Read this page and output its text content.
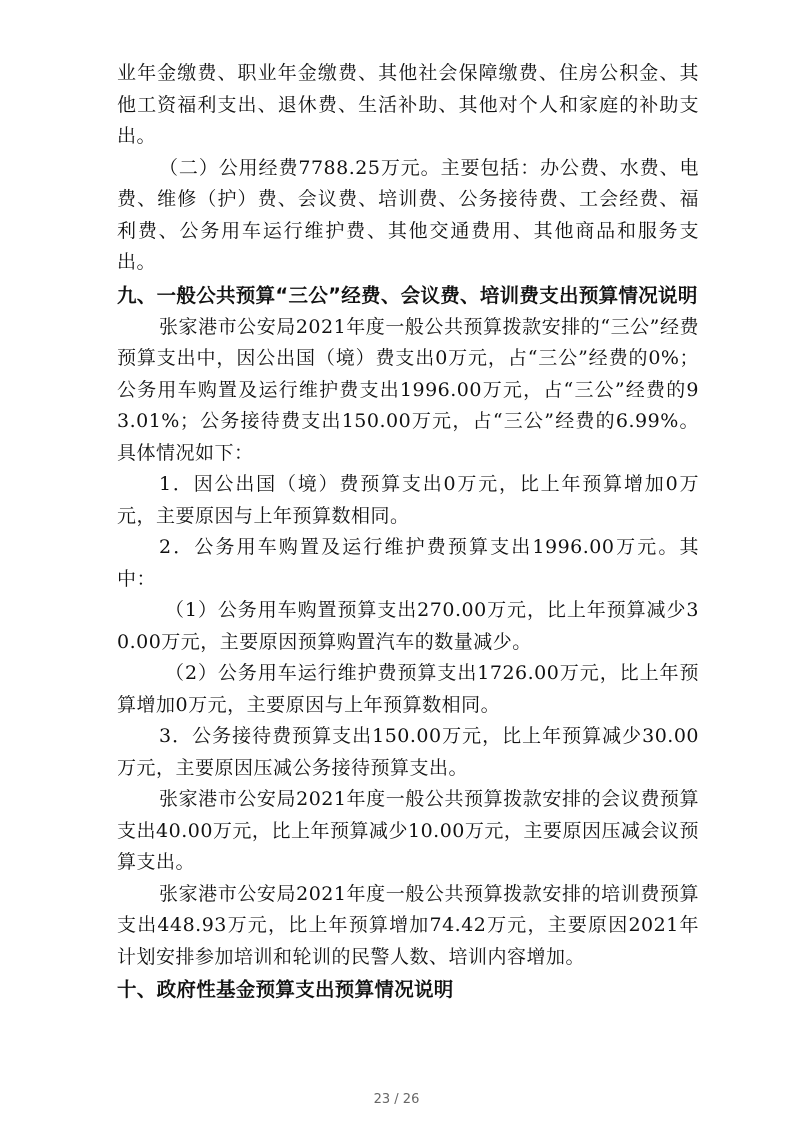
业年金缴费、职业年金缴费、其他社会保障缴费、住房公积金、其他工资福利支出、退休费、生活补助、其他对个人和家庭的补助支出。

（二）公用经费7788.25万元。主要包括：办公费、水费、电费、维修（护）费、会议费、培训费、公务接待费、工会经费、福利费、公务用车运行维护费、其他交通费用、其他商品和服务支出。

九、一般公共预算“三公”经费、会议费、培训费支出预算情况说明

张家港市公安局2021年度一般公共预算拨款安排的“三公”经费预算支出中，因公出国（境）费支出0万元，占“三公”经费的0%；公务用车购置及运行维护费支出1996.00万元，占“三公”经费的93.01%；公务接待费支出150.00万元，占“三公”经费的6.99%。具体情况如下：

1．因公出国（境）费预算支出0万元，比上年预算增加0万元，主要原因与上年预算数相同。

2．公务用车购置及运行维护费预算支出1996.00万元。其中：

（1）公务用车购置预算支出270.00万元，比上年预算减少30.00万元，主要原因预算购置汽车的数量减少。

（2）公务用车运行维护费预算支出1726.00万元，比上年预算增加0万元，主要原因与上年预算数相同。

3．公务接待费预算支出150.00万元，比上年预算减少30.00万元，主要原因压减公务接待预算支出。

张家港市公安局2021年度一般公共预算拨款安排的会议费预算支出40.00万元，比上年预算减少10.00万元，主要原因压减会议预算支出。

张家港市公安局2021年度一般公共预算拨款安排的培训费预算支出448.93万元，比上年预算增加74.42万元，主要原因2021年计划安排参加培训和轮训的民警人数、培训内容增加。

十、政府性基金预算支出预算情况说明

23 / 26
